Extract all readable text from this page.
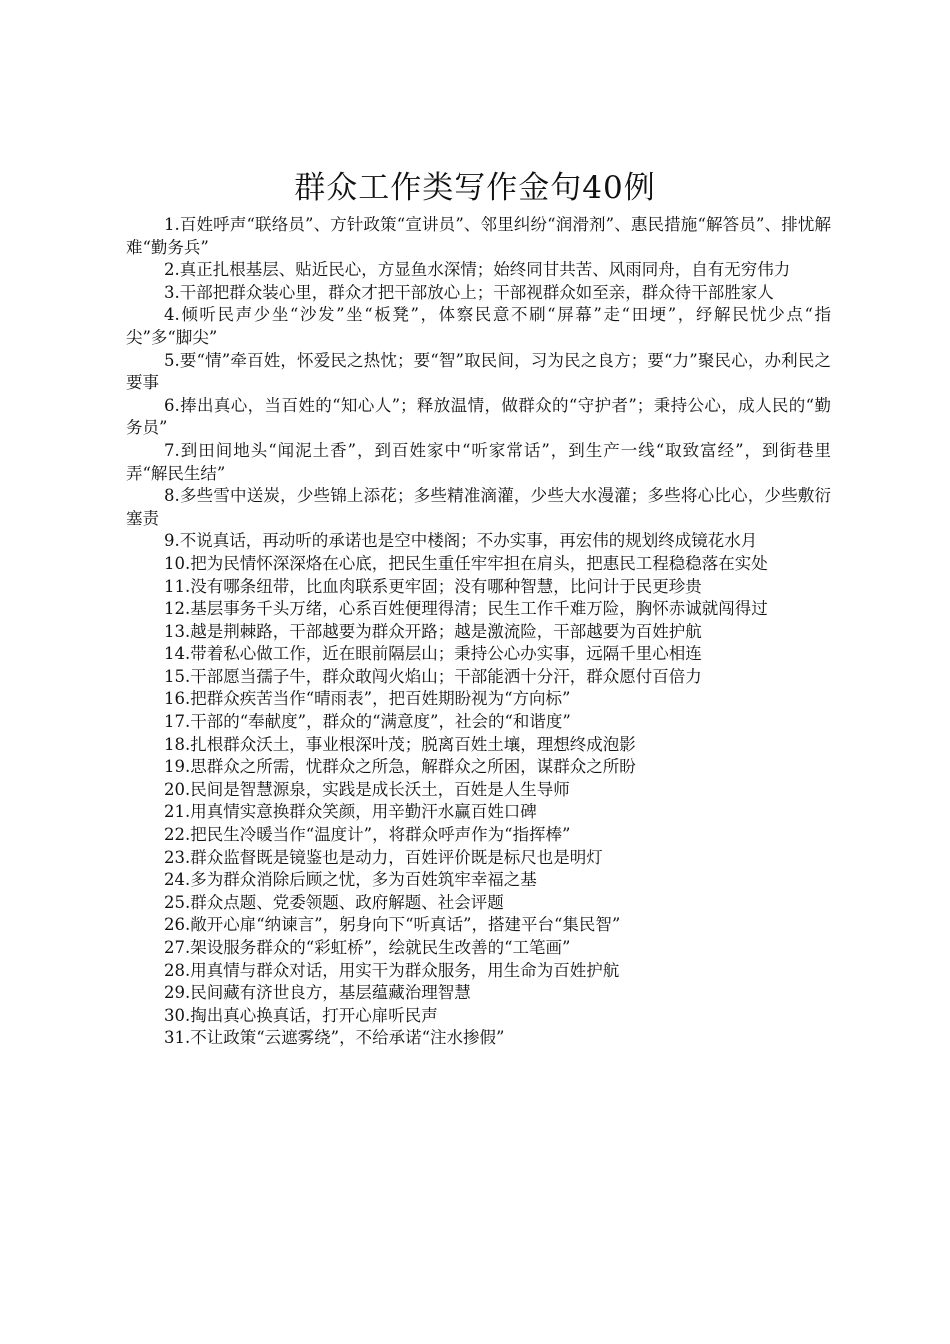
群众工作类写作金句40例
1.百姓呼声“联络员”、方针政策“宣讲员”、邻里纠纷“润滑剂”、惠民措施“解答员”、排忧解难“勤务兵”
2.真正扎根基层、贴近民心，方显鱼水深情；始终同甘共苦、风雨同舟，自有无穷伟力
3.干部把群众装心里，群众才把干部放心上；干部视群众如至亲，群众待干部胜家人
4.倾听民声少坐“沙发”坐“板凳”，体察民意不刷“屏幕”走“田埂”，纾解民忧少点“指尖”多“脚尖”
5.要“情”牵百姓，怀爱民之热忱；要“智”取民间，习为民之良方；要“力”聚民心，办利民之要事
6.捧出真心，当百姓的“知心人”；释放温情，做群众的“守护者”；秉持公心，成人民的“勤务员”
7.到田间地头“闻泥土香”，到百姓家中“听家常话”，到生产一线“取致富经”，到街巷里弄“解民生结”
8.多些雪中送炭，少些锦上添花；多些精准滴灌，少些大水漫灌；多些将心比心，少些敷衍塞责
9.不说真话，再动听的承诺也是空中楼阁；不办实事，再宏伟的规划终成镜花水月
10.把为民情怀深深烙在心底，把民生重任牢牢担在肩头，把惠民工程稳稳落在实处
11.没有哪条纽带，比血肉联系更牢固；没有哪种智慧，比问计于民更珍贵
12.基层事务千头万绪，心系百姓便理得清；民生工作千难万险，胸怀赤诚就闯得过
13.越是荆棘路，干部越要为群众开路；越是激流险，干部越要为百姓护航
14.带着私心做工作，近在眼前隔层山；秉持公心办实事，远隔千里心相连
15.干部愿当孺子牛，群众敢闯火焰山；干部能洒十分汗，群众愿付百倍力
16.把群众疾苦当作“晴雨表”，把百姓期盼视为“方向标”
17.干部的“奉献度”，群众的“满意度”，社会的“和谐度”
18.扎根群众沃土，事业根深叶茂；脱离百姓土壤，理想终成泡影
19.思群众之所需，忧群众之所急，解群众之所困，谋群众之所盼
20.民间是智慧源泉，实践是成长沃土，百姓是人生导师
21.用真情实意换群众笑颜，用辛勤汗水赢百姓口碑
22.把民生冷暖当作“温度计”，将群众呼声作为“指挥棒”
23.群众监督既是镜鉴也是动力，百姓评价既是标尺也是明灯
24.多为群众消除后顾之忧，多为百姓筑牢幸福之基
25.群众点题、党委领题、政府解题、社会评题
26.敞开心扉“纳谏言”，躬身向下“听真话”，搭建平台“集民智”
27.架设服务群众的“彩虹桥”，绘就民生改善的“工笔画”
28.用真情与群众对话，用实干为群众服务，用生命为百姓护航
29.民间藏有济世良方，基层蕴藏治理智慧
30.掏出真心换真话，打开心扉听民声
31.不让政策“云遮雾绕”，不给承诺“注水掺假”
